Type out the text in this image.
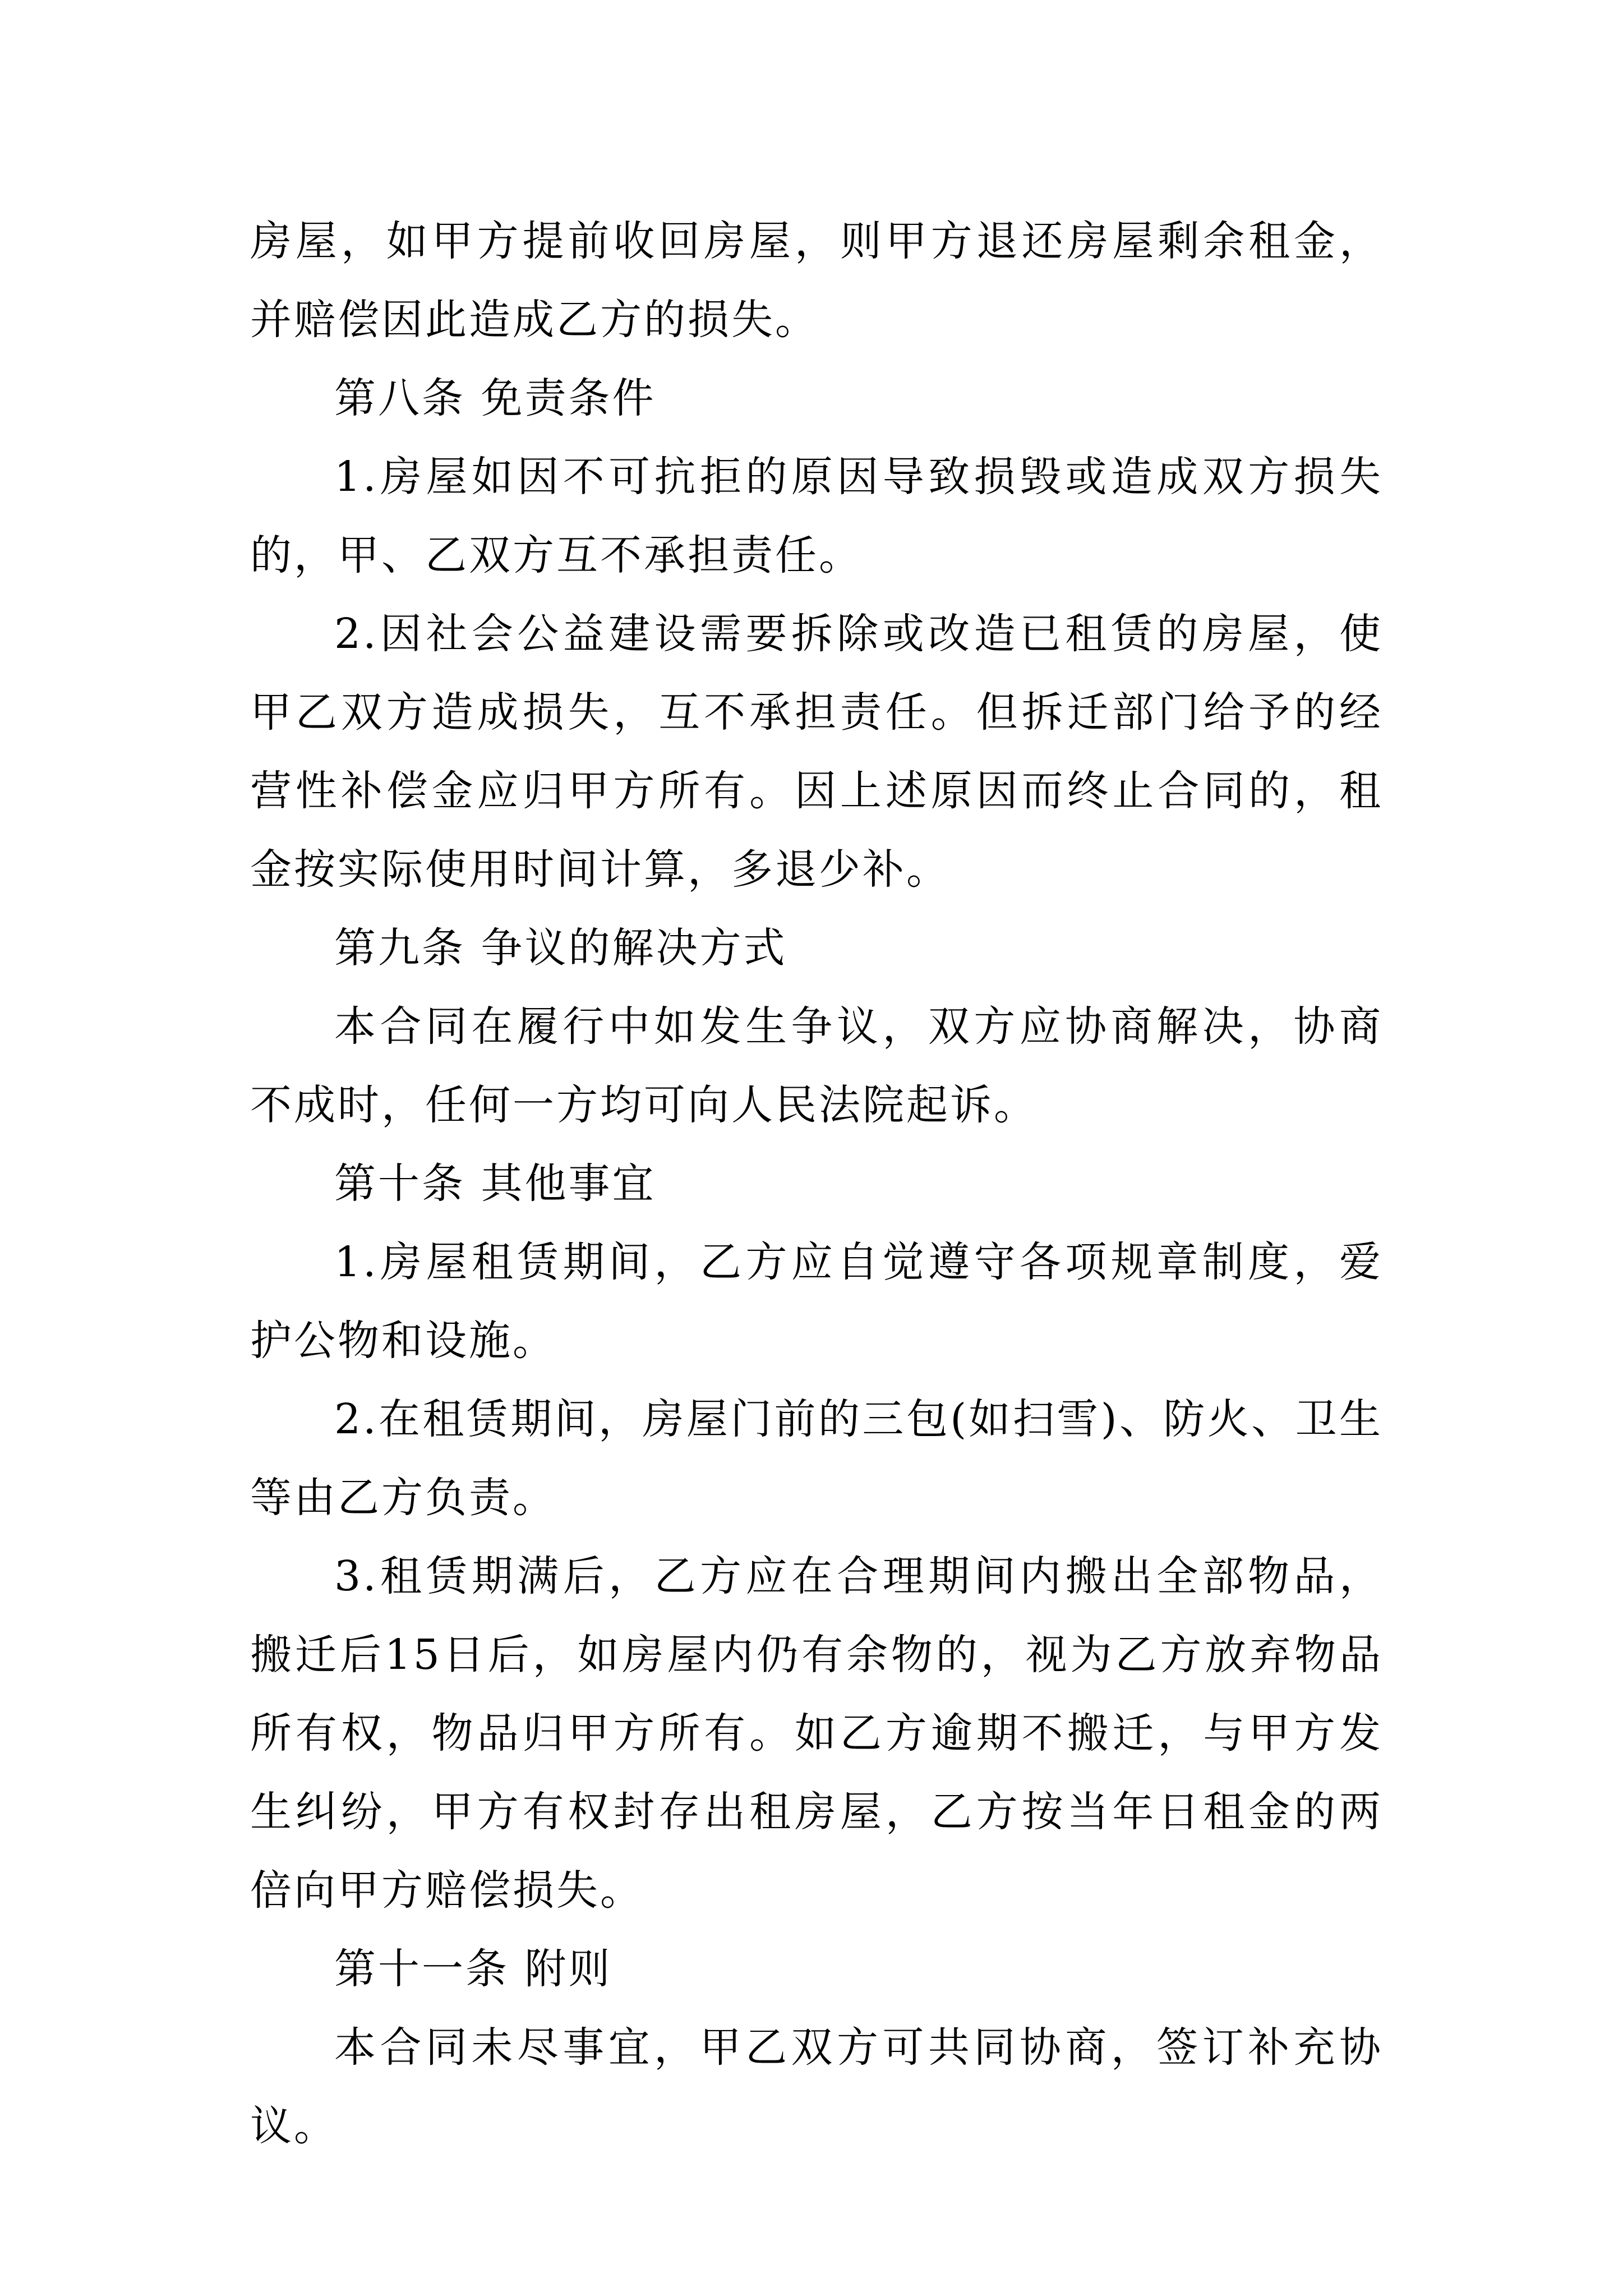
房屋，如甲方提前收回房屋，则甲方退还房屋剩余租金，并赔偿因此造成乙方的损失。

第八条 免责条件

1.房屋如因不可抗拒的原因导致损毁或造成双方损失的，甲、乙双方互不承担责任。

2.因社会公益建设需要拆除或改造已租赁的房屋，使甲乙双方造成损失，互不承担责任。但拆迁部门给予的经营性补偿金应归甲方所有。因上述原因而终止合同的，租金按实际使用时间计算，多退少补。

第九条 争议的解决方式

本合同在履行中如发生争议，双方应协商解决，协商不成时，任何一方均可向人民法院起诉。

第十条 其他事宜

1.房屋租赁期间，乙方应自觉遵守各项规章制度，爱护公物和设施。

2.在租赁期间，房屋门前的三包(如扫雪)、防火、卫生等由乙方负责。

3.租赁期满后，乙方应在合理期间内搬出全部物品，搬迁后15日后，如房屋内仍有余物的，视为乙方放弃物品所有权，物品归甲方所有。如乙方逾期不搬迁，与甲方发生纠纷，甲方有权封存出租房屋，乙方按当年日租金的两倍向甲方赔偿损失。

第十一条 附则

本合同未尽事宜，甲乙双方可共同协商，签订补充协议。
